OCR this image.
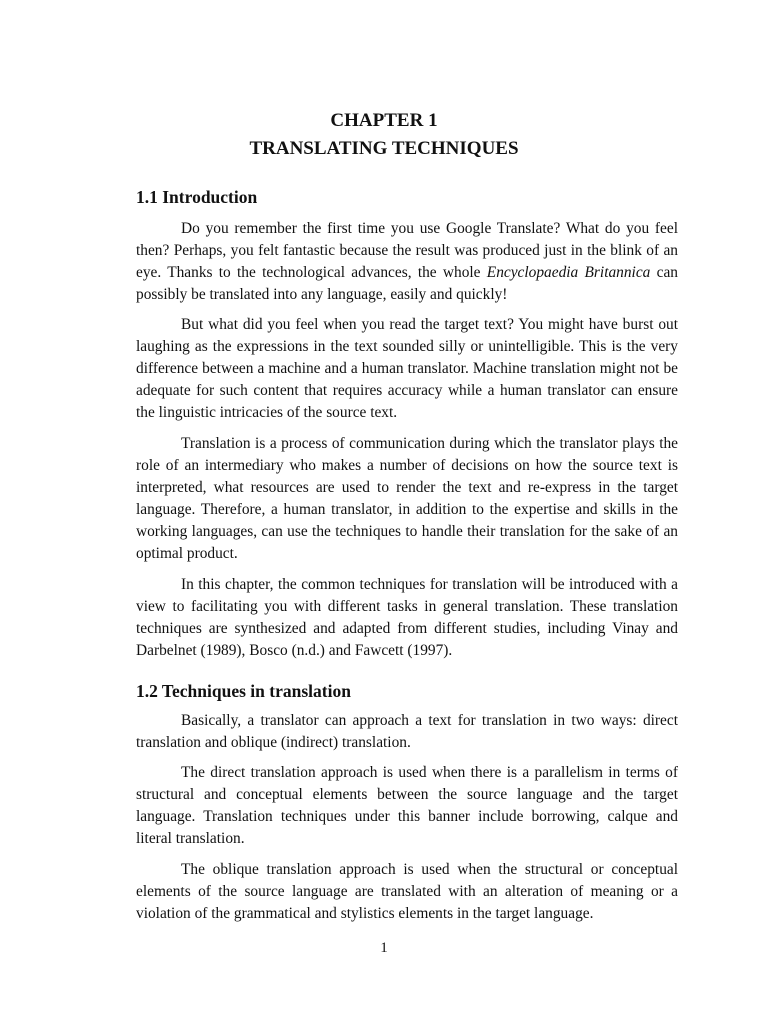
CHAPTER 1
TRANSLATING TECHNIQUES
1.1 Introduction

Do you remember the first time you use Google Translate? What do you feel then? Perhaps, you felt fantastic because the result was produced just in the blink of an eye. Thanks to the technological advances, the whole Encyclopaedia Britannica can possibly be translated into any language, easily and quickly!

But what did you feel when you read the target text? You might have burst out laughing as the expressions in the text sounded silly or unintelligible. This is the very difference between a machine and a human translator. Machine translation might not be adequate for such content that requires accuracy while a human translator can ensure the linguistic intricacies of the source text.

Translation is a process of communication during which the translator plays the role of an intermediary who makes a number of decisions on how the source text is interpreted, what resources are used to render the text and re-express in the target language. Therefore, a human translator, in addition to the expertise and skills in the working languages, can use the techniques to handle their translation for the sake of an optimal product.

In this chapter, the common techniques for translation will be introduced with a view to facilitating you with different tasks in general translation. These translation techniques are synthesized and adapted from different studies, including Vinay and Darbelnet (1989), Bosco (n.d.) and Fawcett (1997).

1.2 Techniques in translation

Basically, a translator can approach a text for translation in two ways: direct translation and oblique (indirect) translation.

The direct translation approach is used when there is a parallelism in terms of structural and conceptual elements between the source language and the target language. Translation techniques under this banner include borrowing, calque and literal translation.

The oblique translation approach is used when the structural or conceptual elements of the source language are translated with an alteration of meaning or a violation of the grammatical and stylistics elements in the target language.

1
